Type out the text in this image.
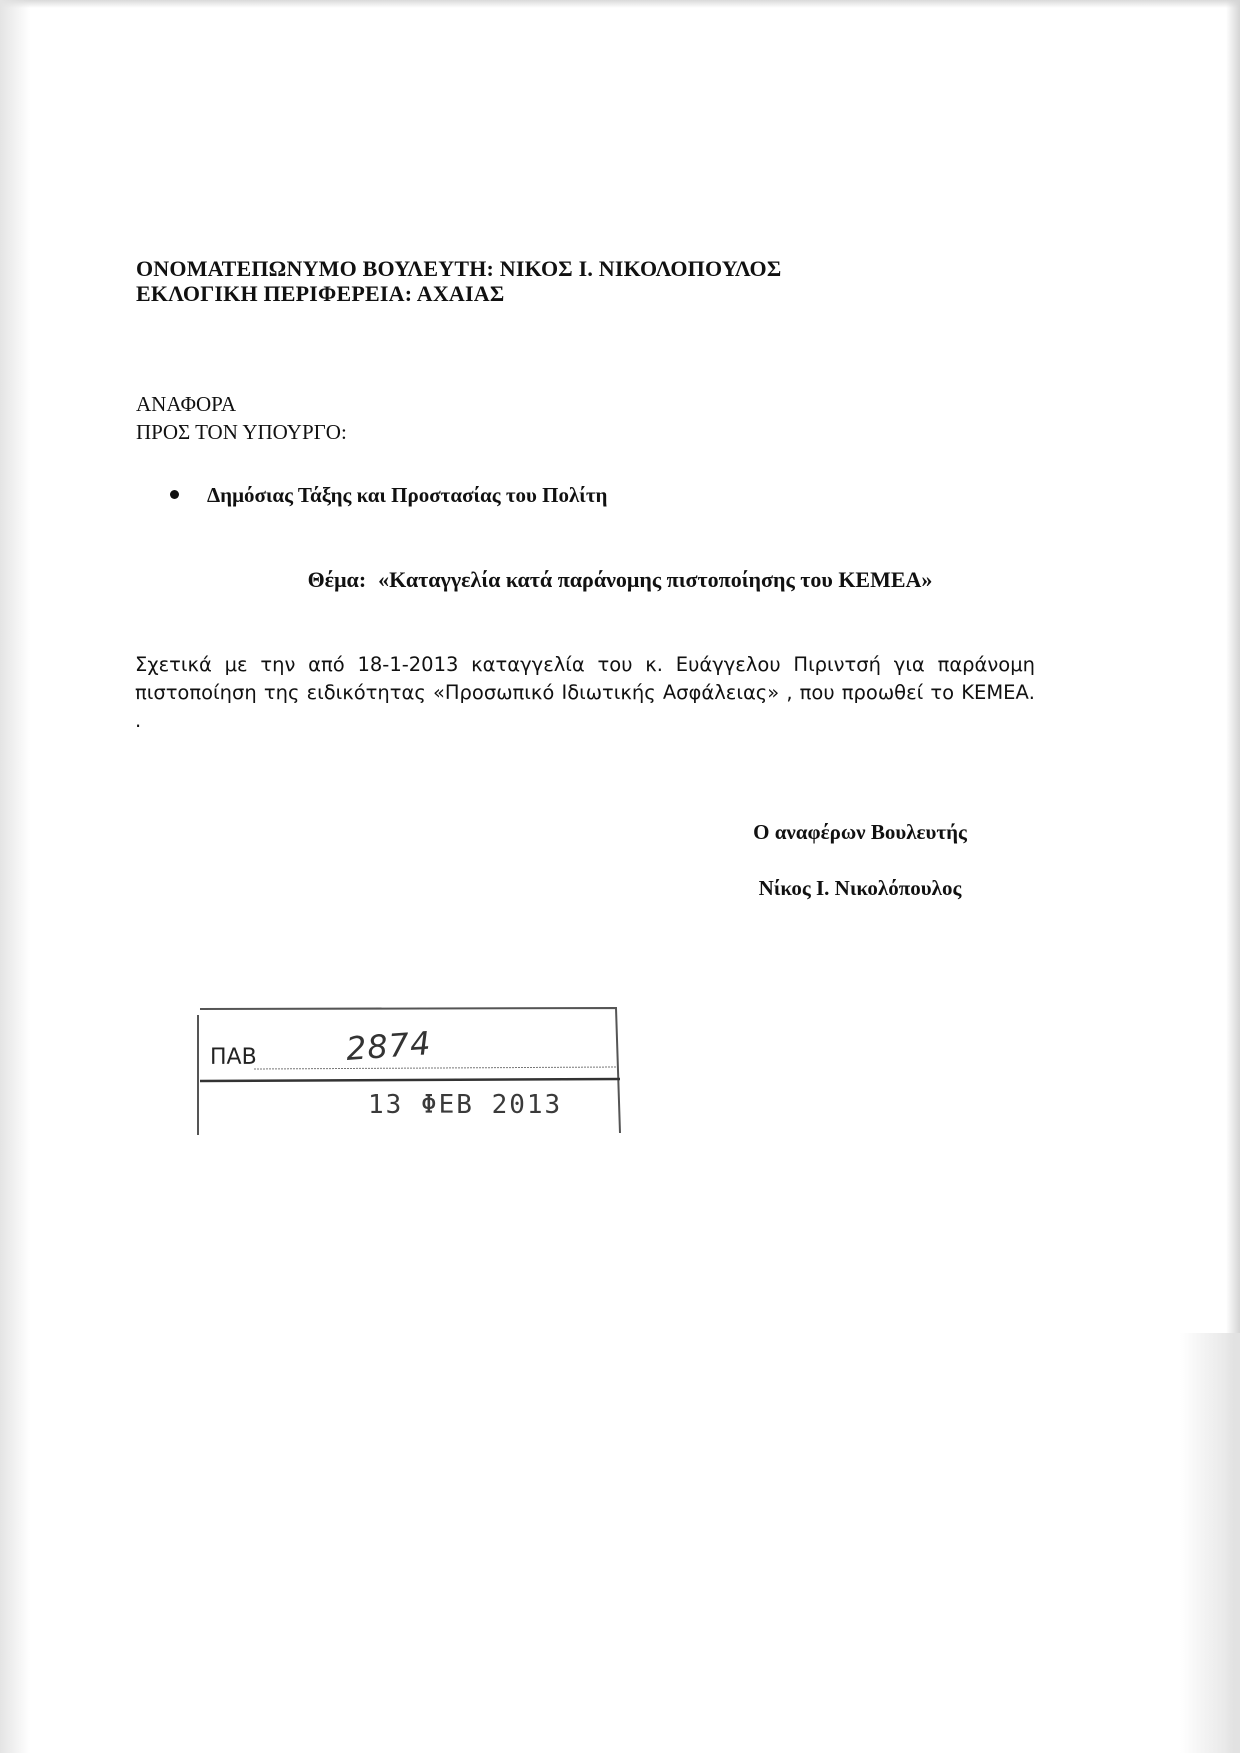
ΟΝΟΜΑΤΕΠΩΝΥΜΟ ΒΟΥΛΕΥΤΗ: ΝΙΚΟΣ Ι. ΝΙΚΟΛΟΠΟΥΛΟΣ
ΕΚΛΟΓΙΚΗ ΠΕΡΙΦΕΡΕΙΑ: ΑΧΑΙΑΣ
ΑΝΑΦΟΡΑ
ΠΡΟΣ ΤΟΝ ΥΠΟΥΡΓΟ:
Δημόσιας Τάξης και Προστασίας του Πολίτη
Θέμα: «Καταγγελία κατά παράνομης πιστοποίησης του ΚΕΜΕΑ»
Σχετικά με την από 18-1-2013 καταγγελία του κ. Ευάγγελου Πιριντσή για παράνομη πιστοποίηση της ειδικότητας «Προσωπικό Ιδιωτικής Ασφάλειας» , που προωθεί το ΚΕΜΕΑ. .
Ο αναφέρων Βουλευτής
Νίκος Ι. Νικολόπουλος
ΠΑΒ	2874
13 ΦΕΒ 2013
